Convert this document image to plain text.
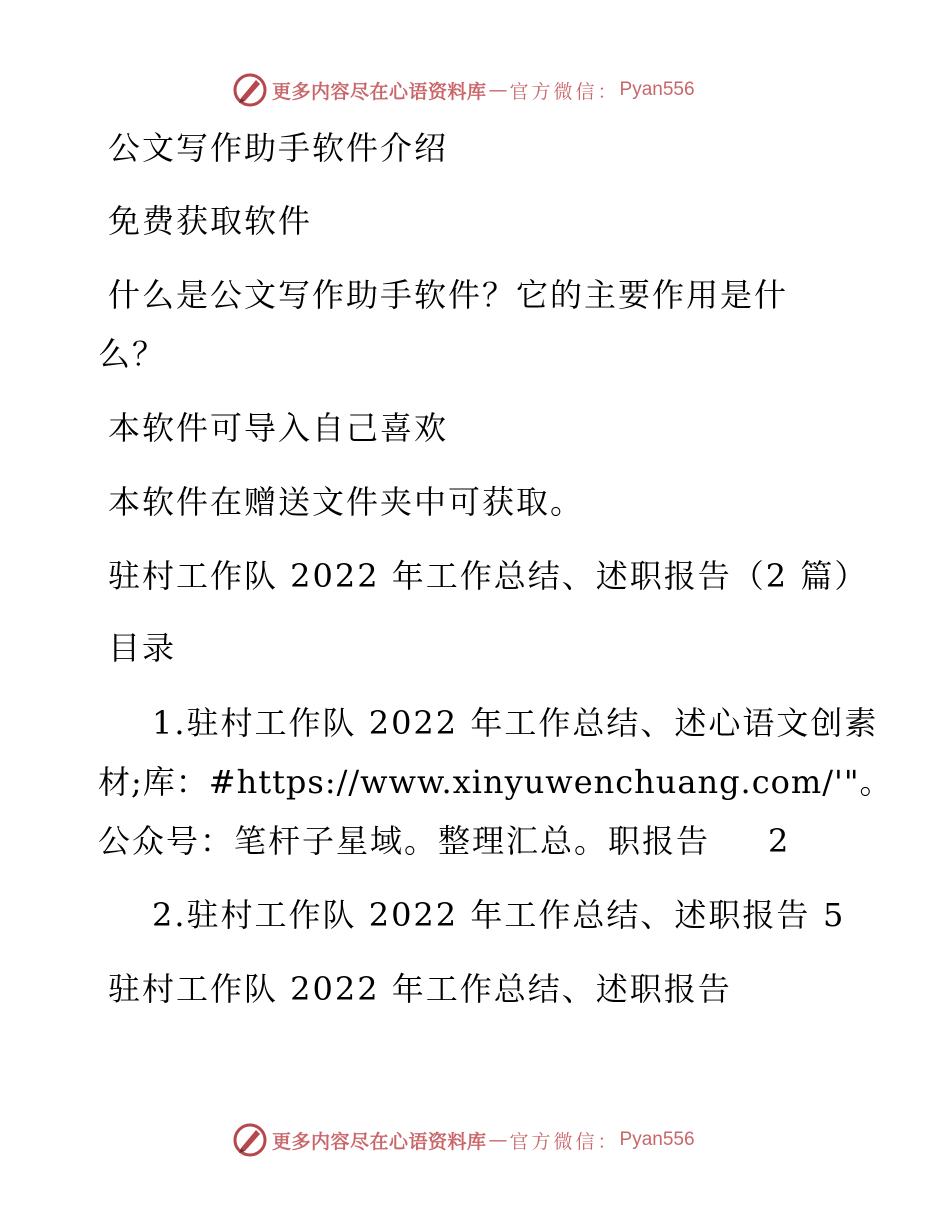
更多内容尽在心语资料库 — 官方微信： Pyan556

公文写作助手软件介绍

免费获取软件

什么是公文写作助手软件？它的主要作用是什

么？

本软件可导入自己喜欢

本软件在赠送文件夹中可获取。

驻村工作队 2022 年工作总结、述职报告（2 篇）

目录

1.驻村工作队 2022 年工作总结、述心语文创素
材;库：#https://www.xinyuwenchuang.com/'"。
公众号：笔杆子星域。整理汇总。职报告 2
2.驻村工作队 2022 年工作总结、述职报告 5

驻村工作队 2022 年工作总结、述职报告

更多内容尽在心语资料库 — 官方微信： Pyan556
